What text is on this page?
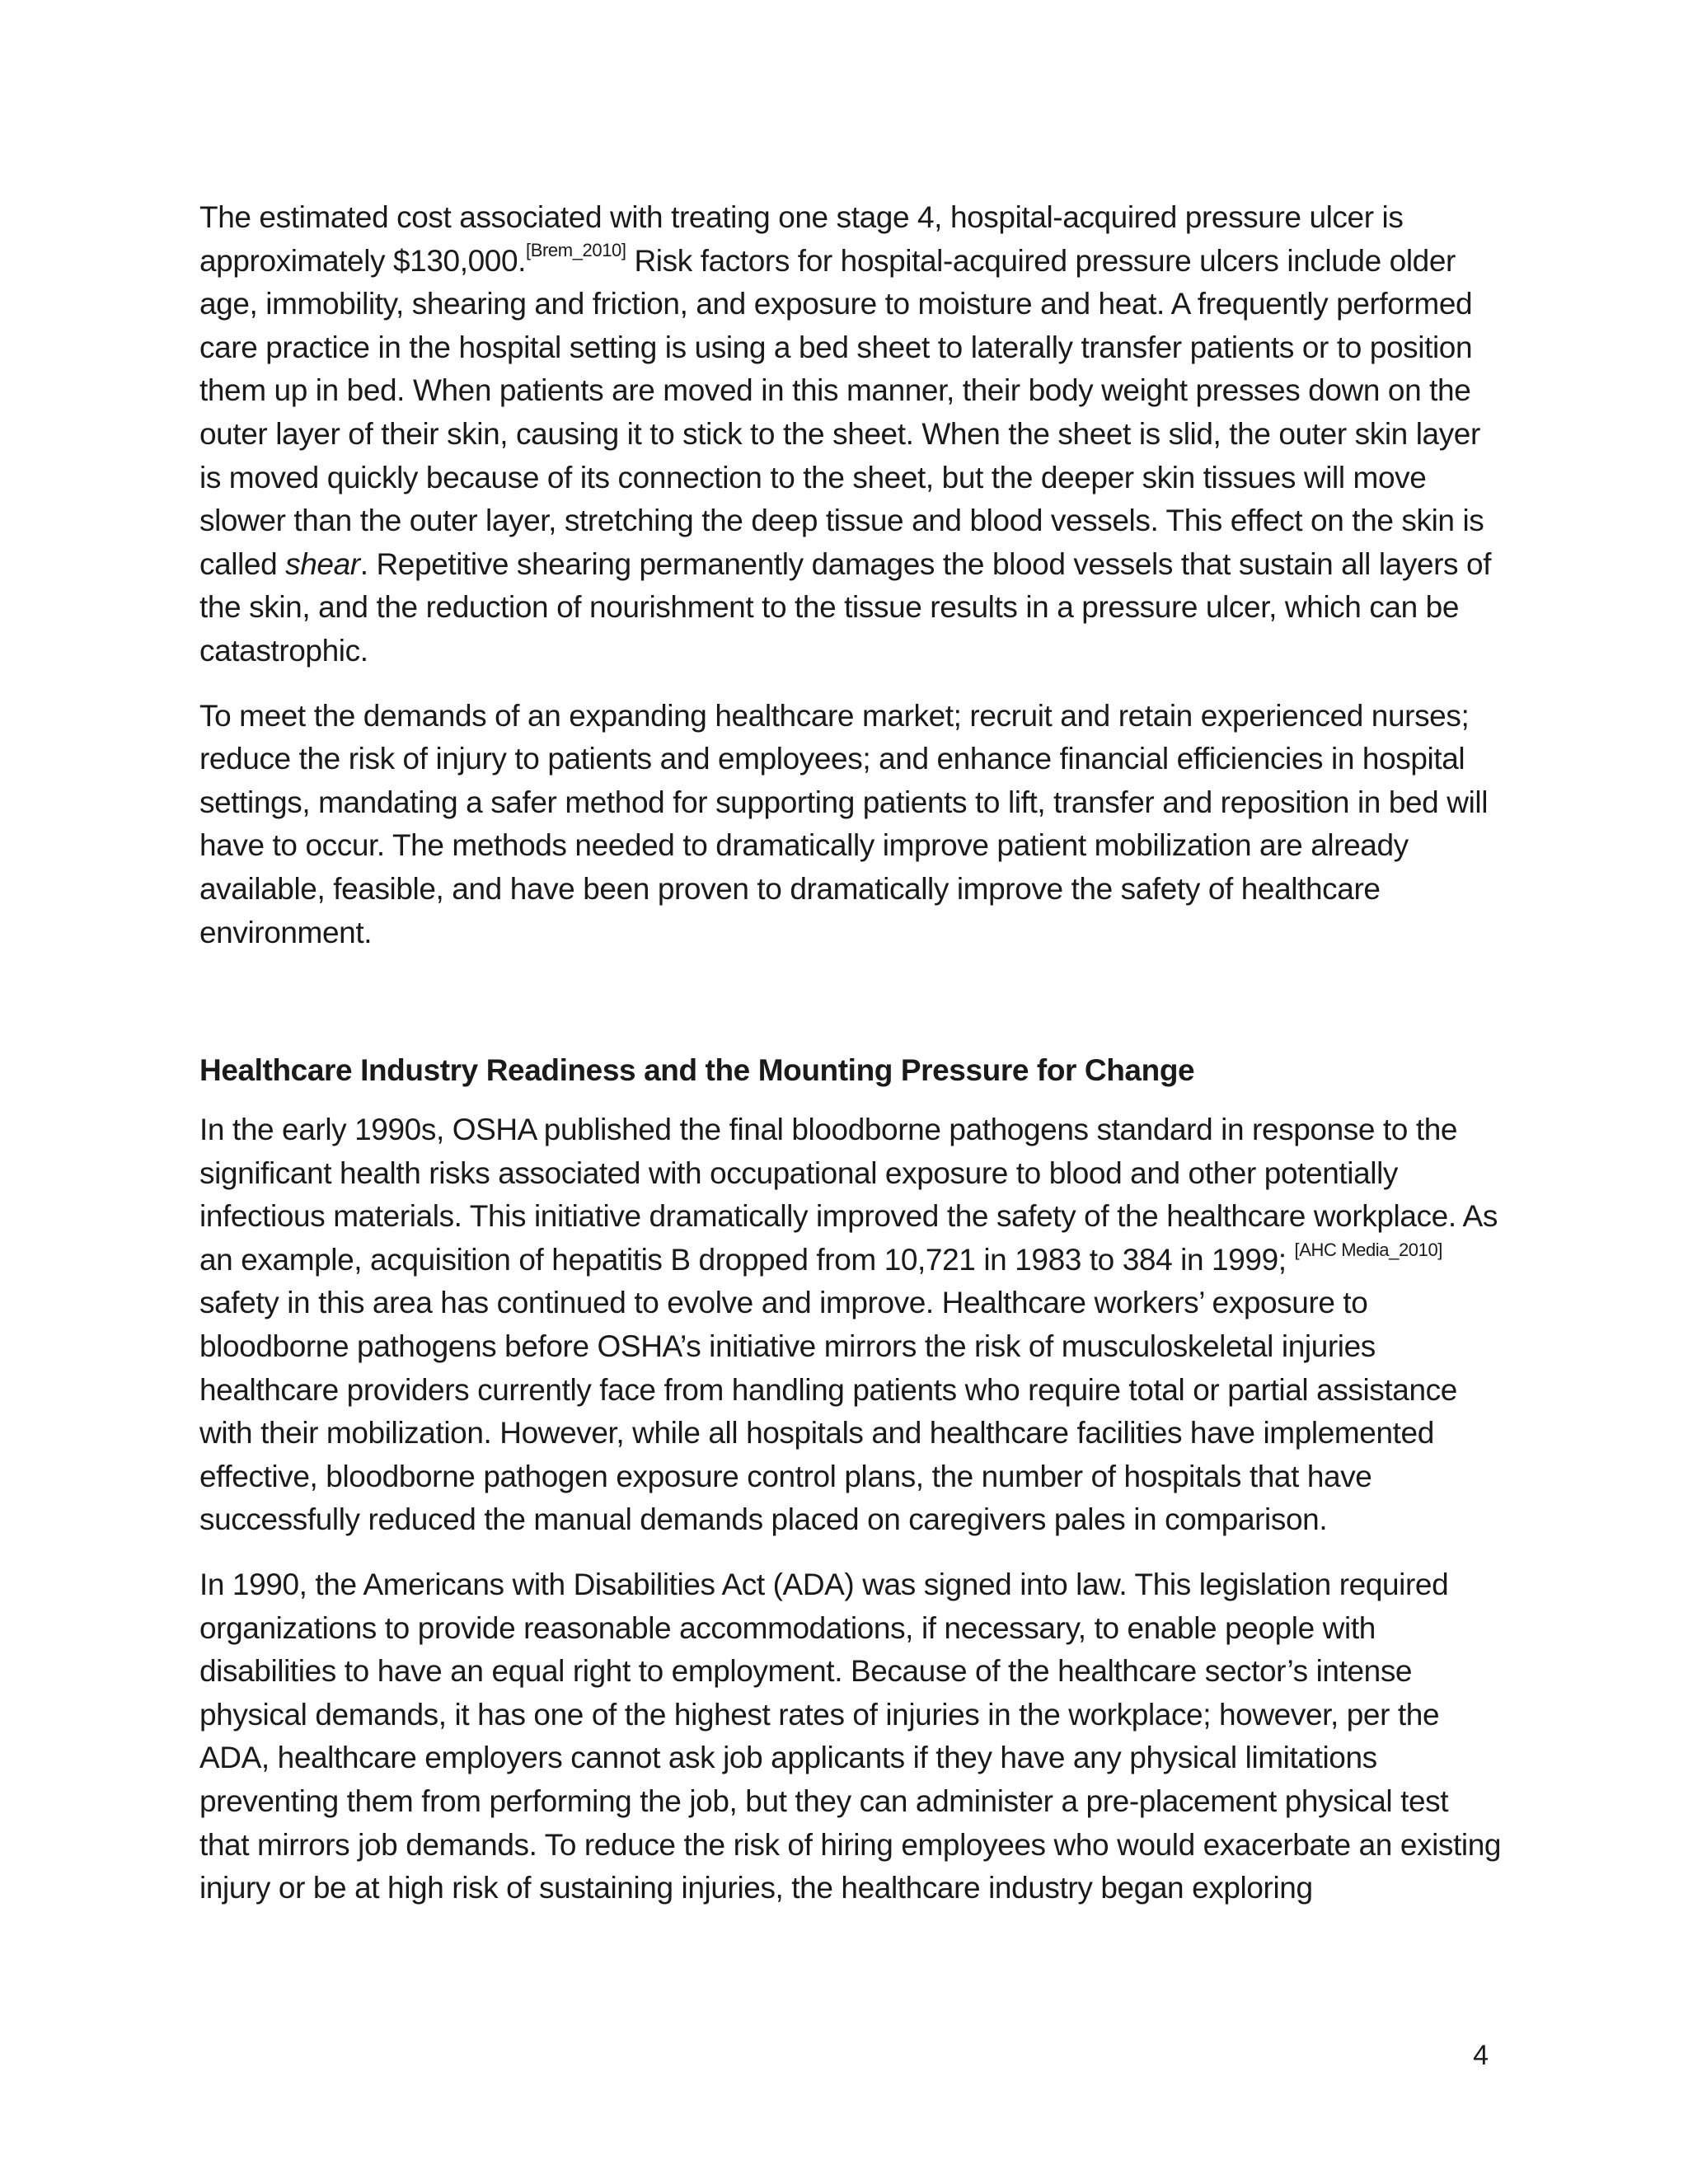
The estimated cost associated with treating one stage 4, hospital-acquired pressure ulcer is approximately $130,000.[Brem_2010] Risk factors for hospital-acquired pressure ulcers include older age, immobility, shearing and friction, and exposure to moisture and heat. A frequently performed care practice in the hospital setting is using a bed sheet to laterally transfer patients or to position them up in bed. When patients are moved in this manner, their body weight presses down on the outer layer of their skin, causing it to stick to the sheet. When the sheet is slid, the outer skin layer is moved quickly because of its connection to the sheet, but the deeper skin tissues will move slower than the outer layer, stretching the deep tissue and blood vessels. This effect on the skin is called shear. Repetitive shearing permanently damages the blood vessels that sustain all layers of the skin, and the reduction of nourishment to the tissue results in a pressure ulcer, which can be catastrophic.

To meet the demands of an expanding healthcare market; recruit and retain experienced nurses; reduce the risk of injury to patients and employees; and enhance financial efficiencies in hospital settings, mandating a safer method for supporting patients to lift, transfer and reposition in bed will have to occur. The methods needed to dramatically improve patient mobilization are already available, feasible, and have been proven to dramatically improve the safety of healthcare environment.

Healthcare Industry Readiness and the Mounting Pressure for Change

In the early 1990s, OSHA published the final bloodborne pathogens standard in response to the significant health risks associated with occupational exposure to blood and other potentially infectious materials. This initiative dramatically improved the safety of the healthcare workplace. As an example, acquisition of hepatitis B dropped from 10,721 in 1983 to 384 in 1999; [AHC Media_2010] safety in this area has continued to evolve and improve. Healthcare workers’ exposure to bloodborne pathogens before OSHA’s initiative mirrors the risk of musculoskeletal injuries healthcare providers currently face from handling patients who require total or partial assistance with their mobilization. However, while all hospitals and healthcare facilities have implemented effective, bloodborne pathogen exposure control plans, the number of hospitals that have successfully reduced the manual demands placed on caregivers pales in comparison.

In 1990, the Americans with Disabilities Act (ADA) was signed into law. This legislation required organizations to provide reasonable accommodations, if necessary, to enable people with disabilities to have an equal right to employment. Because of the healthcare sector’s intense physical demands, it has one of the highest rates of injuries in the workplace; however, per the ADA, healthcare employers cannot ask job applicants if they have any physical limitations preventing them from performing the job, but they can administer a pre-placement physical test that mirrors job demands. To reduce the risk of hiring employees who would exacerbate an existing injury or be at high risk of sustaining injuries, the healthcare industry began exploring

4
